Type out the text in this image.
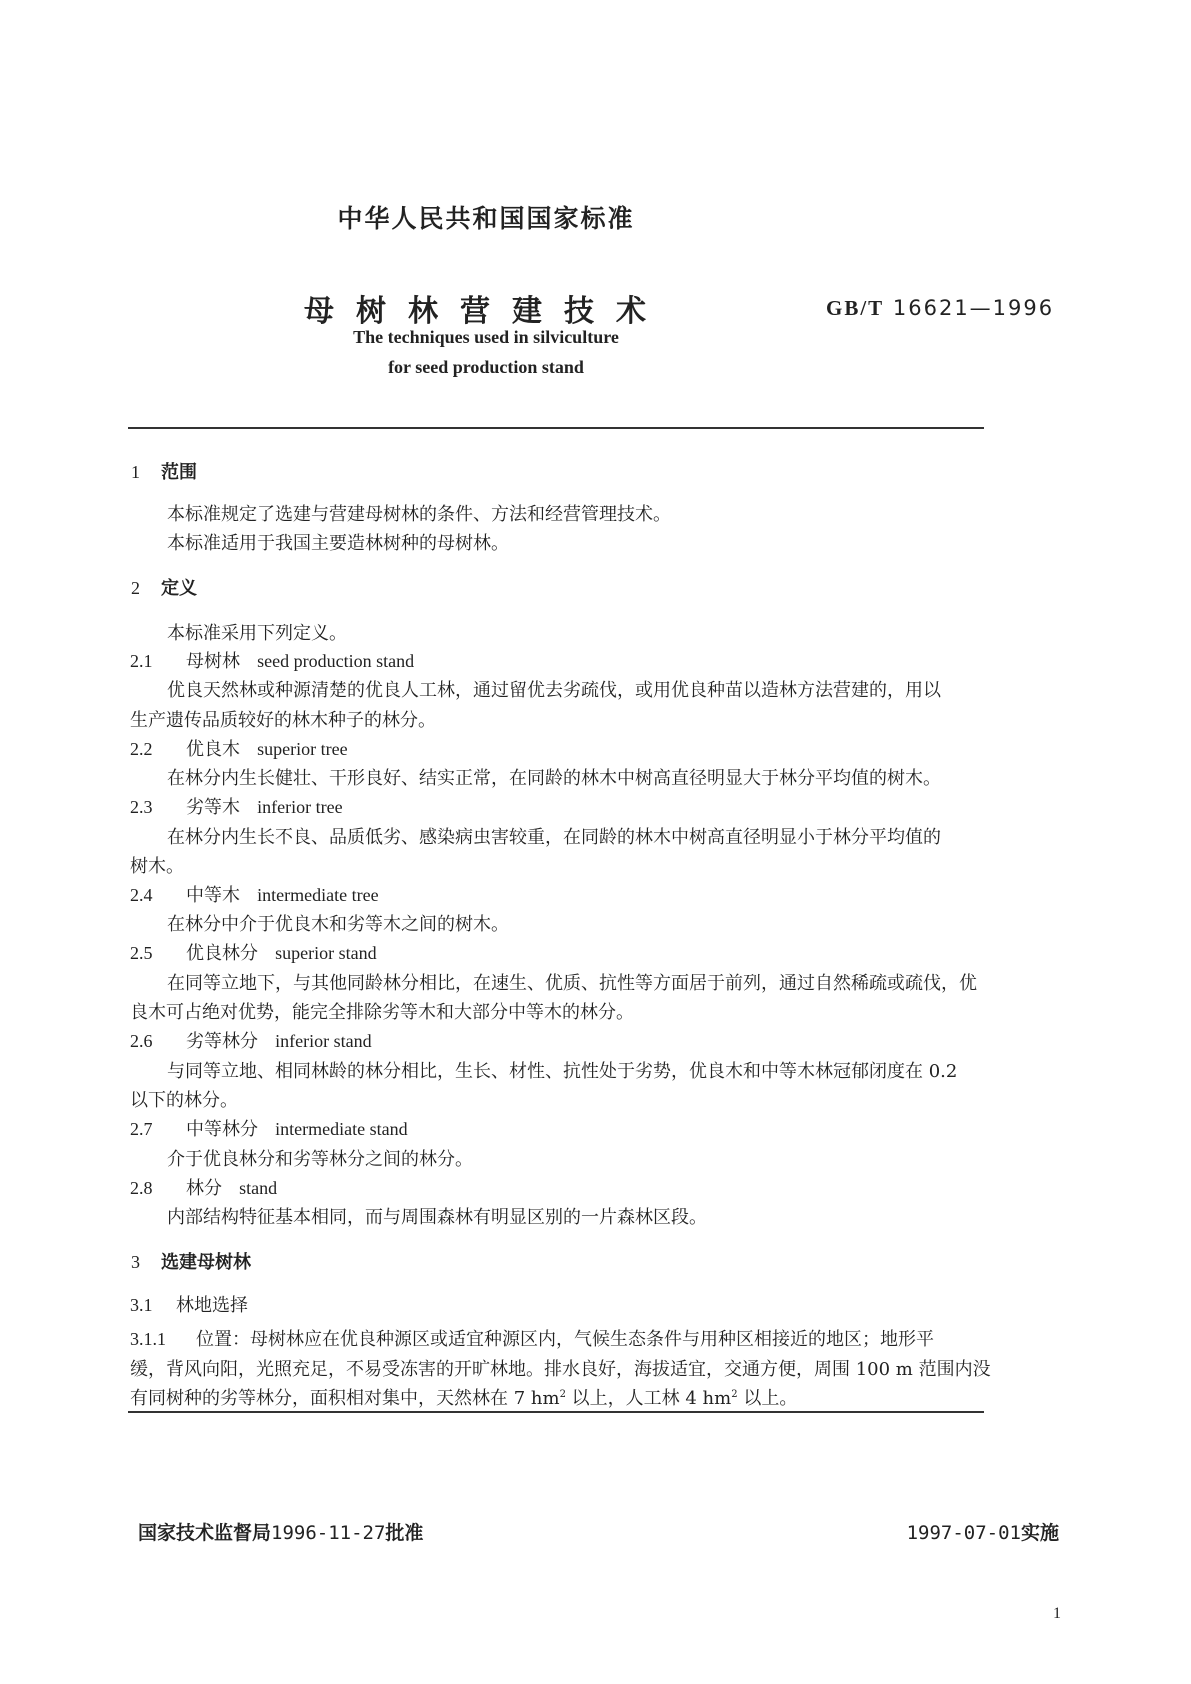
中华人民共和国国家标准
母树林营建技术	GB/T 16621—1996
The techniques used in silviculture
for seed production stand
1 范围
本标准规定了选建与营建母树林的条件、方法和经营管理技术。
本标准适用于我国主要造林树种的母树林。
2 定义
本标准采用下列定义。
2.1 母树林 seed production stand
优良天然林或种源清楚的优良人工林，通过留优去劣疏伐，或用优良种苗以造林方法营建的，用以
生产遗传品质较好的林木种子的林分。
2.2 优良木 superior tree
在林分内生长健壮、干形良好、结实正常，在同龄的林木中树高直径明显大于林分平均值的树木。
2.3 劣等木 inferior tree
在林分内生长不良、品质低劣、感染病虫害较重，在同龄的林木中树高直径明显小于林分平均值的
树木。
2.4 中等木 intermediate tree
在林分中介于优良木和劣等木之间的树木。
2.5 优良林分 superior stand
在同等立地下，与其他同龄林分相比，在速生、优质、抗性等方面居于前列，通过自然稀疏或疏伐，优
良木可占绝对优势，能完全排除劣等木和大部分中等木的林分。
2.6 劣等林分 inferior stand
与同等立地、相同林龄的林分相比，生长、材性、抗性处于劣势，优良木和中等木林冠郁闭度在 0.2
以下的林分。
2.7 中等林分 intermediate stand
介于优良林分和劣等林分之间的林分。
2.8 林分 stand
内部结构特征基本相同，而与周围森林有明显区别的一片森林区段。
3 选建母树林
3.1 林地选择
3.1.1 位置：母树林应在优良种源区或适宜种源区内，气候生态条件与用种区相接近的地区；地形平
缓，背风向阳，光照充足，不易受冻害的开旷林地。排水良好，海拔适宜，交通方便，周围 100 m 范围内没
有同树种的劣等林分，面积相对集中，天然林在 7 $hm^2$ 以上，人工林 4 $hm^2$ 以上。
国家技术监督局1996-11-27批准	1997-07-01实施
1
